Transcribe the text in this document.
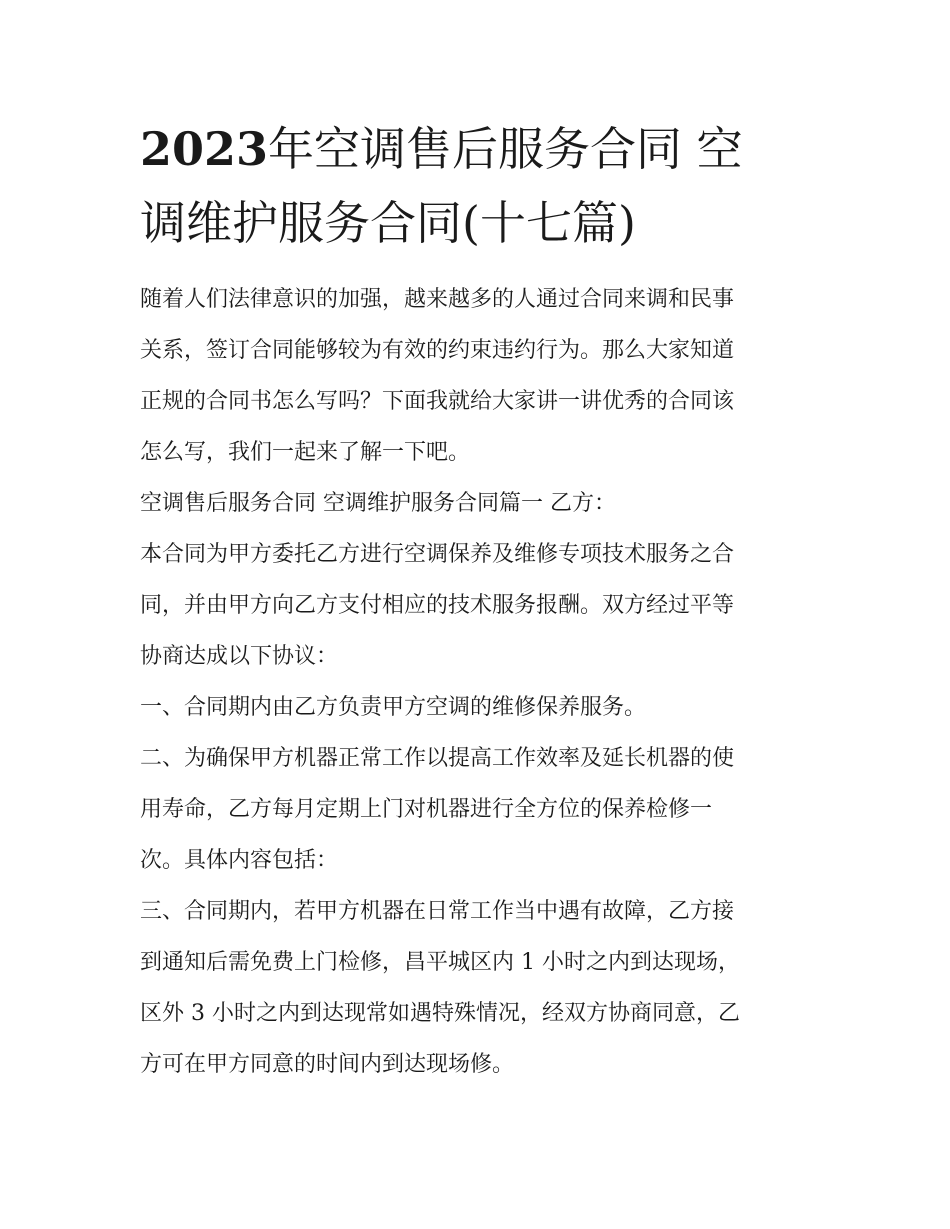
2023年空调售后服务合同 空
调维护服务合同(十七篇)
随着人们法律意识的加强，越来越多的人通过合同来调和民事
关系，签订合同能够较为有效的约束违约行为。那么大家知道
正规的合同书怎么写吗？下面我就给大家讲一讲优秀的合同该
怎么写，我们一起来了解一下吧。
空调售后服务合同 空调维护服务合同篇一 乙方：
本合同为甲方委托乙方进行空调保养及维修专项技术服务之合
同，并由甲方向乙方支付相应的技术服务报酬。双方经过平等
协商达成以下协议：
一、合同期内由乙方负责甲方空调的维修保养服务。
二、为确保甲方机器正常工作以提高工作效率及延长机器的使
用寿命，乙方每月定期上门对机器进行全方位的保养检修一
次。具体内容包括：
三、合同期内，若甲方机器在日常工作当中遇有故障，乙方接
到通知后需免费上门检修，昌平城区内 1 小时之内到达现场，
区外 3 小时之内到达现常如遇特殊情况，经双方协商同意，乙
方可在甲方同意的时间内到达现场修。
